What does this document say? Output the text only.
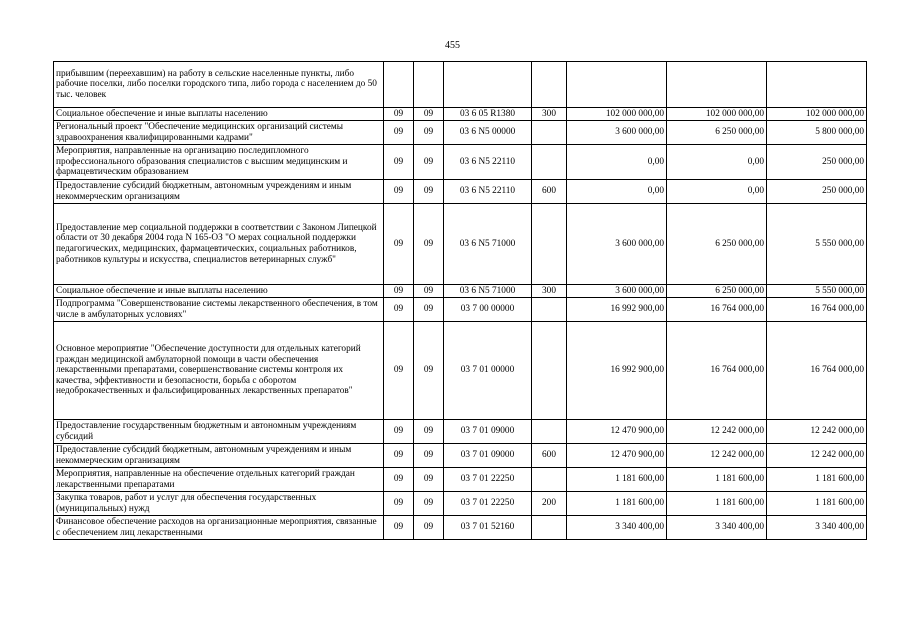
455
прибывшим (переехавшим) на работу в сельские населенные пункты, либо рабочие поселки, либо поселки городского типа, либо города с населением до 50 тыс. человек							
Социальное обеспечение и иные выплаты населению	09	09	03 6 05 R1380	300	102 000 000,00	102 000 000,00	102 000 000,00
Региональный проект "Обеспечение медицинских организаций системы здравоохранения квалифицированными кадрами"	09	09	03 6 N5 00000		3 600 000,00	6 250 000,00	5 800 000,00
Мероприятия, направленные на организацию последипломного профессионального образования специалистов с высшим медицинским и фармацевтическим образованием	09	09	03 6 N5 22110		0,00	0,00	250 000,00
Предоставление субсидий бюджетным, автономным учреждениям и иным некоммерческим организациям	09	09	03 6 N5 22110	600	0,00	0,00	250 000,00
Предоставление мер социальной поддержки в соответствии с Законом Липецкой области от 30 декабря 2004 года N 165-ОЗ "О мерах социальной поддержки педагогических, медицинских, фармацевтических, социальных работников, работников культуры и искусства, специалистов ветеринарных служб"	09	09	03 6 N5 71000		3 600 000,00	6 250 000,00	5 550 000,00
Социальное обеспечение и иные выплаты населению	09	09	03 6 N5 71000	300	3 600 000,00	6 250 000,00	5 550 000,00
Подпрограмма "Совершенствование системы лекарственного обеспечения, в том числе в амбулаторных условиях"	09	09	03 7 00 00000		16 992 900,00	16 764 000,00	16 764 000,00
Основное мероприятие "Обеспечение доступности для отдельных категорий граждан медицинской амбулаторной помощи в части обеспечения лекарственными препаратами, совершенствование системы контроля их качества, эффективности и безопасности, борьба с оборотом недоброкачественных и фальсифицированных лекарственных препаратов"	09	09	03 7 01 00000		16 992 900,00	16 764 000,00	16 764 000,00
Предоставление государственным бюджетным и автономным учреждениям субсидий	09	09	03 7 01 09000		12 470 900,00	12 242 000,00	12 242 000,00
Предоставление субсидий бюджетным, автономным учреждениям и иным некоммерческим организациям	09	09	03 7 01 09000	600	12 470 900,00	12 242 000,00	12 242 000,00
Мероприятия, направленные на обеспечение отдельных категорий граждан лекарственными препаратами	09	09	03 7 01 22250		1 181 600,00	1 181 600,00	1 181 600,00
Закупка товаров, работ и услуг для обеспечения государственных (муниципальных) нужд	09	09	03 7 01 22250	200	1 181 600,00	1 181 600,00	1 181 600,00
Финансовое обеспечение расходов на организационные мероприятия, связанные с обеспечением лиц лекарственными	09	09	03 7 01 52160		3 340 400,00	3 340 400,00	3 340 400,00
